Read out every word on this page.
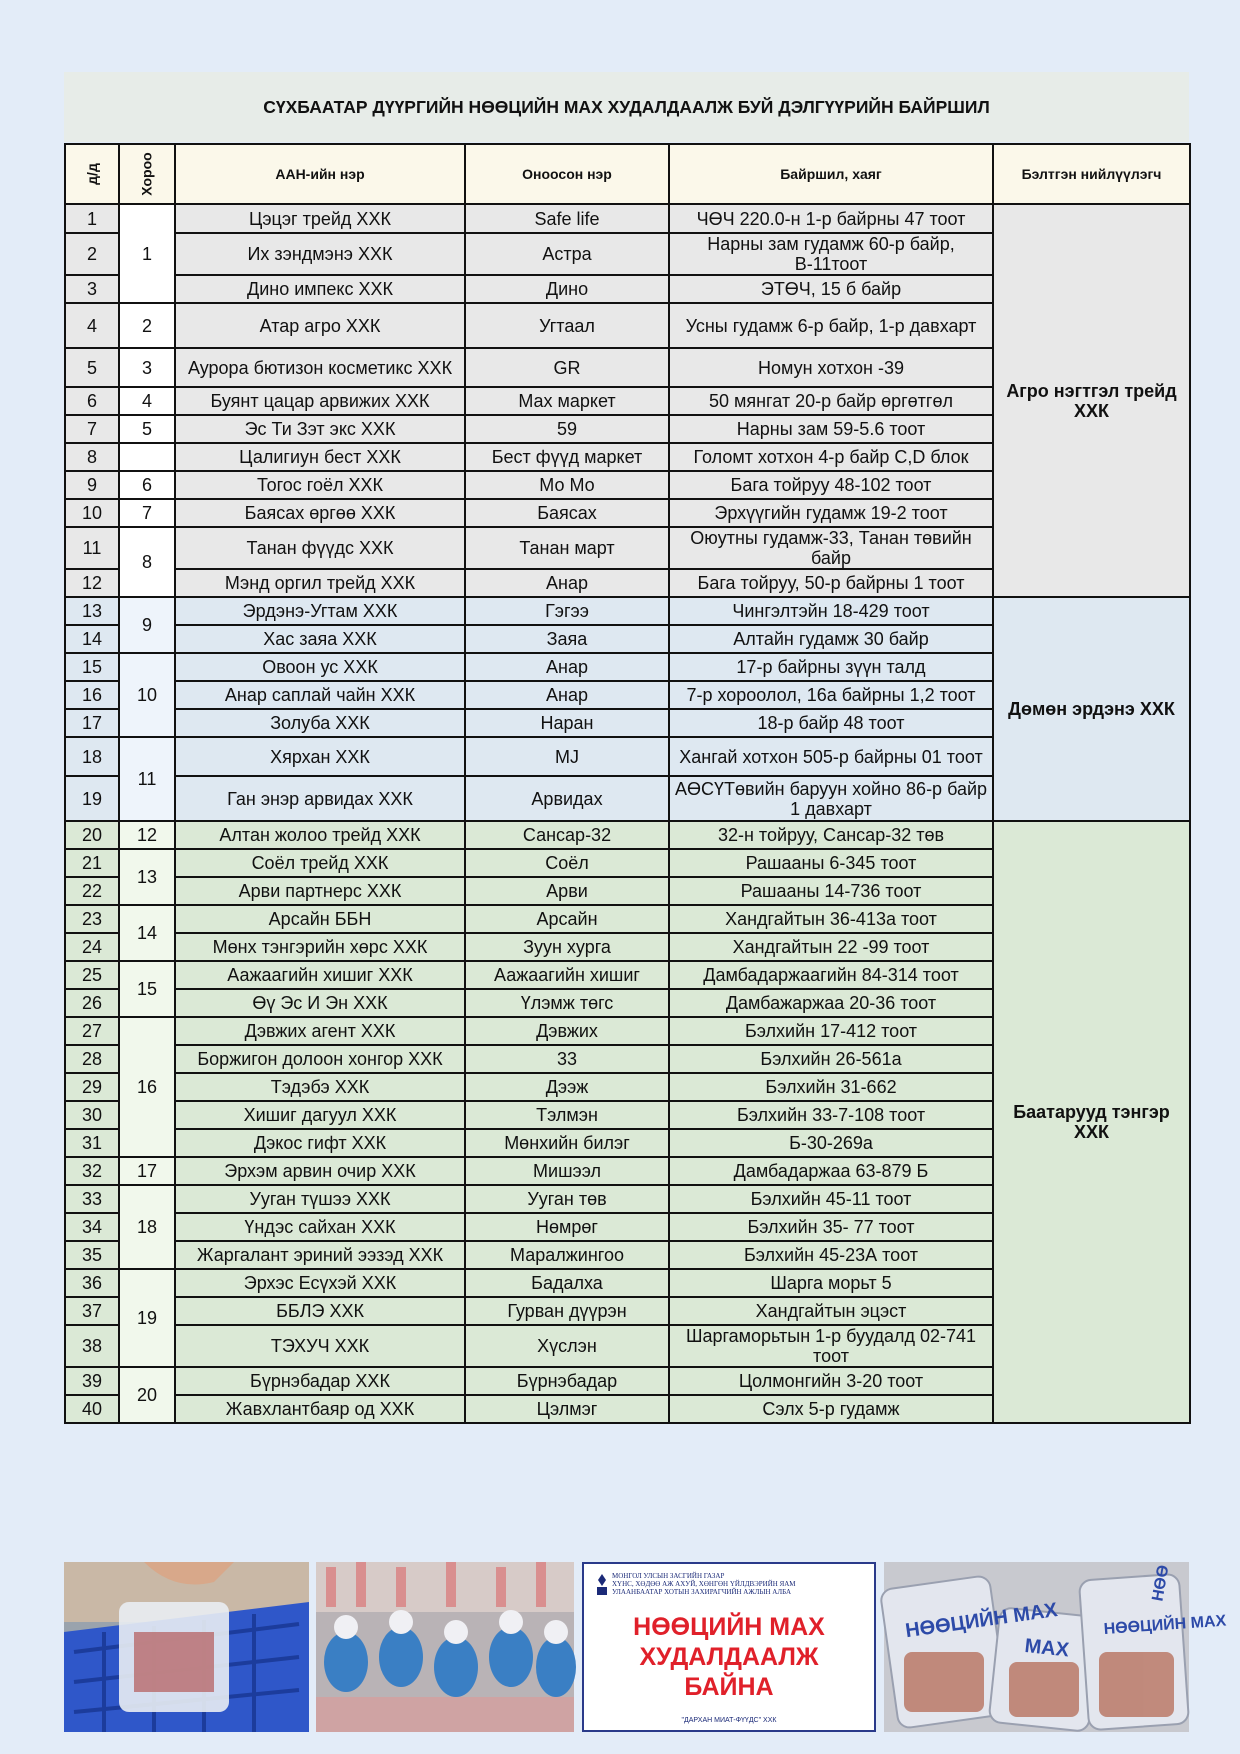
СҮХБААТАР ДҮҮРГИЙН НӨӨЦИЙН МАХ ХУДАЛДААЛЖ БУЙ ДЭЛГҮҮРИЙН БАЙРШИЛ
д/д	Хороо	ААН-ийн нэр	Оноосон нэр	Байршил, хаяг	Бэлтгэн нийлүүлэгч
1	1	Цэцэг трейд ХХК	Safe life	ЧӨЧ 220.0-н 1-р байрны 47 тоот	Агро нэгтгэл трейд ХХК
2		Их зэндмэнэ ХХК	Астра	Нарны зам гудамж 60-р байр, В-11тоот	
3		Дино импекс ХХК	Дино	ЭТӨЧ, 15 б байр	
4	2	Атар агро ХХК	Угтаал	Усны гудамж 6-р байр, 1-р давхарт	
5	3	Аурора бютизон косметикс ХХК	GR	Номун хотхон -39	
6	4	Буянт цацар арвижих ХХК	Мах маркет	50 мянгат 20-р байр өргөтгөл	
7	5	Эс Ти Зэт экс ХХК	59	Нарны зам 59-5.6 тоот	
8		Цалигиун бест ХХК	Бест фүүд маркет	Голомт хотхон 4-р байр C,D блок	
9	6	Тогос гоёл ХХК	Мо Мо	Бага тойруу 48-102 тоот	
10	7	Баясах өргөө ХХК	Баясах	Эрхүүгийн гудамж 19-2 тоот	
11	8	Танан фүүдс ХХК	Танан март	Оюутны гудамж-33, Танан төвийн байр	
12		Мэнд оргил трейд ХХК	Анар	Бага тойруу, 50-р байрны 1 тоот	
13	9	Эрдэнэ-Угтам ХХК	Гэгээ	Чингэлтэйн 18-429 тоот	Дөмөн эрдэнэ ХХК
14		Хас заяа ХХК	Заяа	Алтайн гудамж 30 байр	
15	10	Овоон ус ХХК	Анар	17-р байрны зүүн талд	
16		Анар саплай чайн ХХК	Анар	7-р хороолол, 16а байрны 1,2 тоот	
17		Золуба ХХК	Наран	18-р байр 48 тоот	
18	11	Хярхан ХХК	MJ	Хангай хотхон 505-р байрны 01 тоот	
19		Ган энэр арвидах ХХК	Арвидах	АӨСҮТөвийн баруун хойно 86-р байр 1 давхарт	
20	12	Алтан жолоо трейд ХХК	Сансар-32	32-н тойруу, Сансар-32 төв	Баатарууд тэнгэр ХХК
21	13	Соёл трейд ХХК	Соёл	Рашааны 6-345 тоот	
22		Арви партнерс ХХК	Арви	Рашааны 14-736 тоот	
23	14	Арсайн ББН	Арсайн	Хандгайтын 36-413а тоот	
24		Мөнх тэнгэрийн хөрс ХХК	Зуун хурга	Хандгайтын 22 -99 тоот	
25	15	Аажаагийн хишиг ХХК	Аажаагийн хишиг	Дамбадаржаагийн 84-314 тоот	
26		Өү Эс И Эн ХХК	Үлэмж төгс	Дамбажаржаа 20-36 тоот	
27	16	Дэвжих агент ХХК	Дэвжих	Бэлхийн 17-412 тоот	
28		Боржигон долоон хонгор ХХК	33	Бэлхийн 26-561а	
29		Тэдэбэ ХХК	Дээж	Бэлхийн 31-662	
30		Хишиг дагуул ХХК	Тэлмэн	Бэлхийн 33-7-108 тоот	
31		Дэкос гифт ХХК	Мөнхийн билэг	Б-30-269а	
32	17	Эрхэм арвин очир ХХК	Мишээл	Дамбадаржаа 63-879 Б	
33	18	Ууган түшээ ХХК	Ууган төв	Бэлхийн 45-11 тоот	
34		Үндэс сайхан ХХК	Нөмрөг	Бэлхийн 35- 77 тоот	
35		Жаргалант эриний ээзэд ХХК	Маралжингоо	Бэлхийн 45-23А тоот	
36	19	Эрхэс Есүхэй ХХК	Бадалха	Шарга морьт 5	
37		ББЛЭ ХХК	Гурван дүүрэн	Хандгайтын эцэст	
38		ТЭХУЧ ХХК	Хүслэн	Шаргаморьтын 1-р буудалд 02-741 тоот	
39	20	Бүрнэбадар ХХК	Бүрнэбадар	Цолмонгийн 3-20 тоот	
40		Жавхлантбаяр од ХХК	Цэлмэг	Сэлх 5-р гудамж	
МОНГОЛ УЛСЫН ЗАСГИЙН ГАЗАР
ХҮНС, ХӨДӨӨ АЖ АХУЙ, ХӨНГӨН ҮЙЛДВЭРИЙН ЯАМ
УЛААНБААТАР ХОТЫН ЗАХИРАГЧИЙН АЖЛЫН АЛБА
НӨӨЦИЙН МАХ
ХУДАЛДААЛЖ
БАЙНА
"ДАРХАН МИАТ-ФҮҮДС" ХХК
НӨӨЦИЙН МАХ	НӨӨЦИЙН МАХ
МАХ
НӨӨ
